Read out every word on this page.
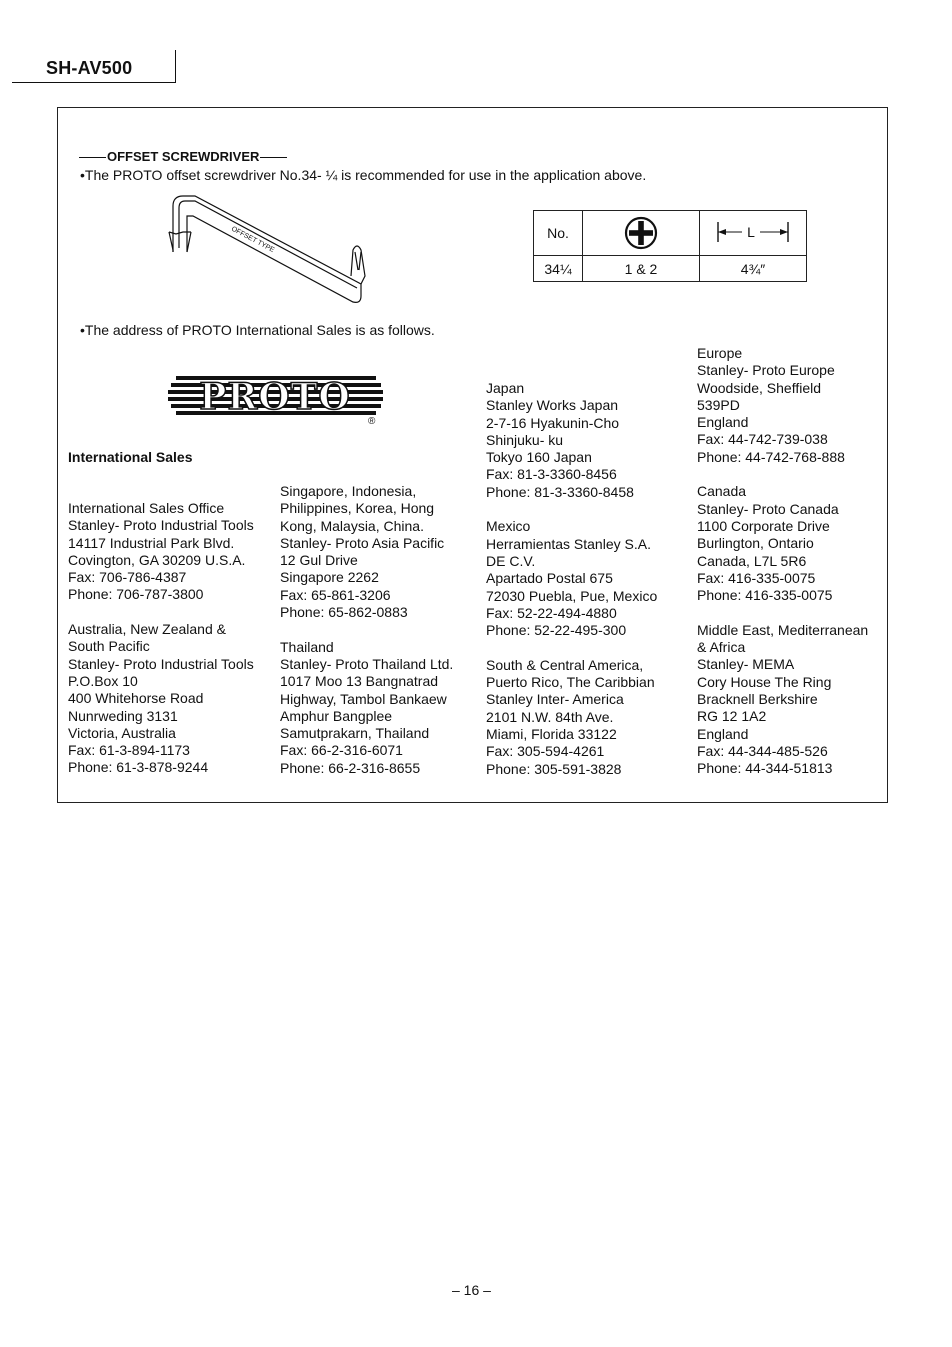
SH-AV500
OFFSET SCREWDRIVER
•The PROTO offset screwdriver No.34- ¼ is recommended for use in the application above.
OFFSET TYPE	No.		L

34¼	1 & 2	4¾″
•The address of PROTO International Sales is as follows.
PROTO
®
International Sales
International Sales Office
Stanley- Proto Industrial Tools
14117 Industrial Park Blvd.
Covington, GA 30209 U.S.A.
Fax: 706-786-4387
Phone: 706-787-3800
Australia, New Zealand &
South Pacific
Stanley- Proto Industrial Tools
P.O.Box 10
400 Whitehorse Road
Nunrweding 3131
Victoria, Australia
Fax: 61-3-894-1173
Phone: 61-3-878-9244
Singapore, Indonesia,
Philippines, Korea, Hong
Kong, Malaysia, China.
Stanley- Proto Asia Pacific
12 Gul Drive
Singapore 2262
Fax: 65-861-3206
Phone: 65-862-0883
Thailand
Stanley- Proto Thailand Ltd.
1017 Moo 13 Bangnatrad
Highway, Tambol Bankaew
Amphur Bangplee
Samutprakarn, Thailand
Fax: 66-2-316-6071
Phone: 66-2-316-8655
Japan
Stanley Works Japan
2-7-16 Hyakunin-Cho
Shinjuku- ku
Tokyo 160 Japan
Fax: 81-3-3360-8456
Phone: 81-3-3360-8458
Mexico
Herramientas Stanley S.A.
DE C.V.
Apartado Postal 675
72030 Puebla, Pue, Mexico
Fax: 52-22-494-4880
Phone: 52-22-495-300
South & Central America,
Puerto Rico, The Caribbian
Stanley Inter- America
2101 N.W. 84th Ave.
Miami, Florida 33122
Fax: 305-594-4261
Phone: 305-591-3828
Europe
Stanley- Proto Europe
Woodside, Sheffield
539PD
England
Fax: 44-742-739-038
Phone: 44-742-768-888
Canada
Stanley- Proto Canada
1100 Corporate Drive
Burlington, Ontario
Canada, L7L 5R6
Fax: 416-335-0075
Phone: 416-335-0075
Middle East, Mediterranean
& Africa
Stanley- MEMA
Cory House The Ring
Bracknell Berkshire
RG 12 1A2
England
Fax: 44-344-485-526
Phone: 44-344-51813
– 16 –
